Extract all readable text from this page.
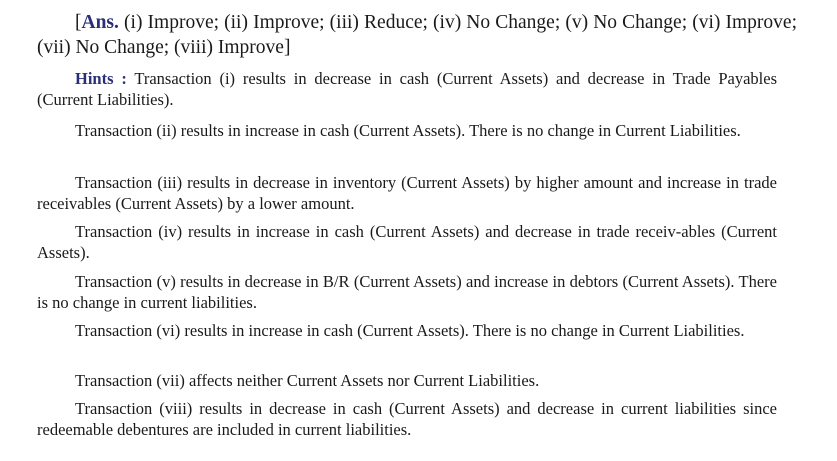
[Ans. (i) Improve; (ii) Improve; (iii) Reduce; (iv) No Change; (v) No Change; (vi) Improve; (vii) No Change; (viii) Improve]
Hints : Transaction (i) results in decrease in cash (Current Assets) and decrease in Trade Payables (Current Liabilities).
Transaction (ii) results in increase in cash (Current Assets). There is no change in Current Liabilities.
Transaction (iii) results in decrease in inventory (Current Assets) by higher amount and increase in trade receivables (Current Assets) by a lower amount.
Transaction (iv) results in increase in cash (Current Assets) and decrease in trade receiv-ables (Current Assets).
Transaction (v) results in decrease in B/R (Current Assets) and increase in debtors (Current Assets). There is no change in current liabilities.
Transaction (vi) results in increase in cash (Current Assets). There is no change in Current Liabilities.
Transaction (vii) affects neither Current Assets nor Current Liabilities.
Transaction (viii) results in decrease in cash (Current Assets) and decrease in current liabilities since redeemable debentures are included in current liabilities.
